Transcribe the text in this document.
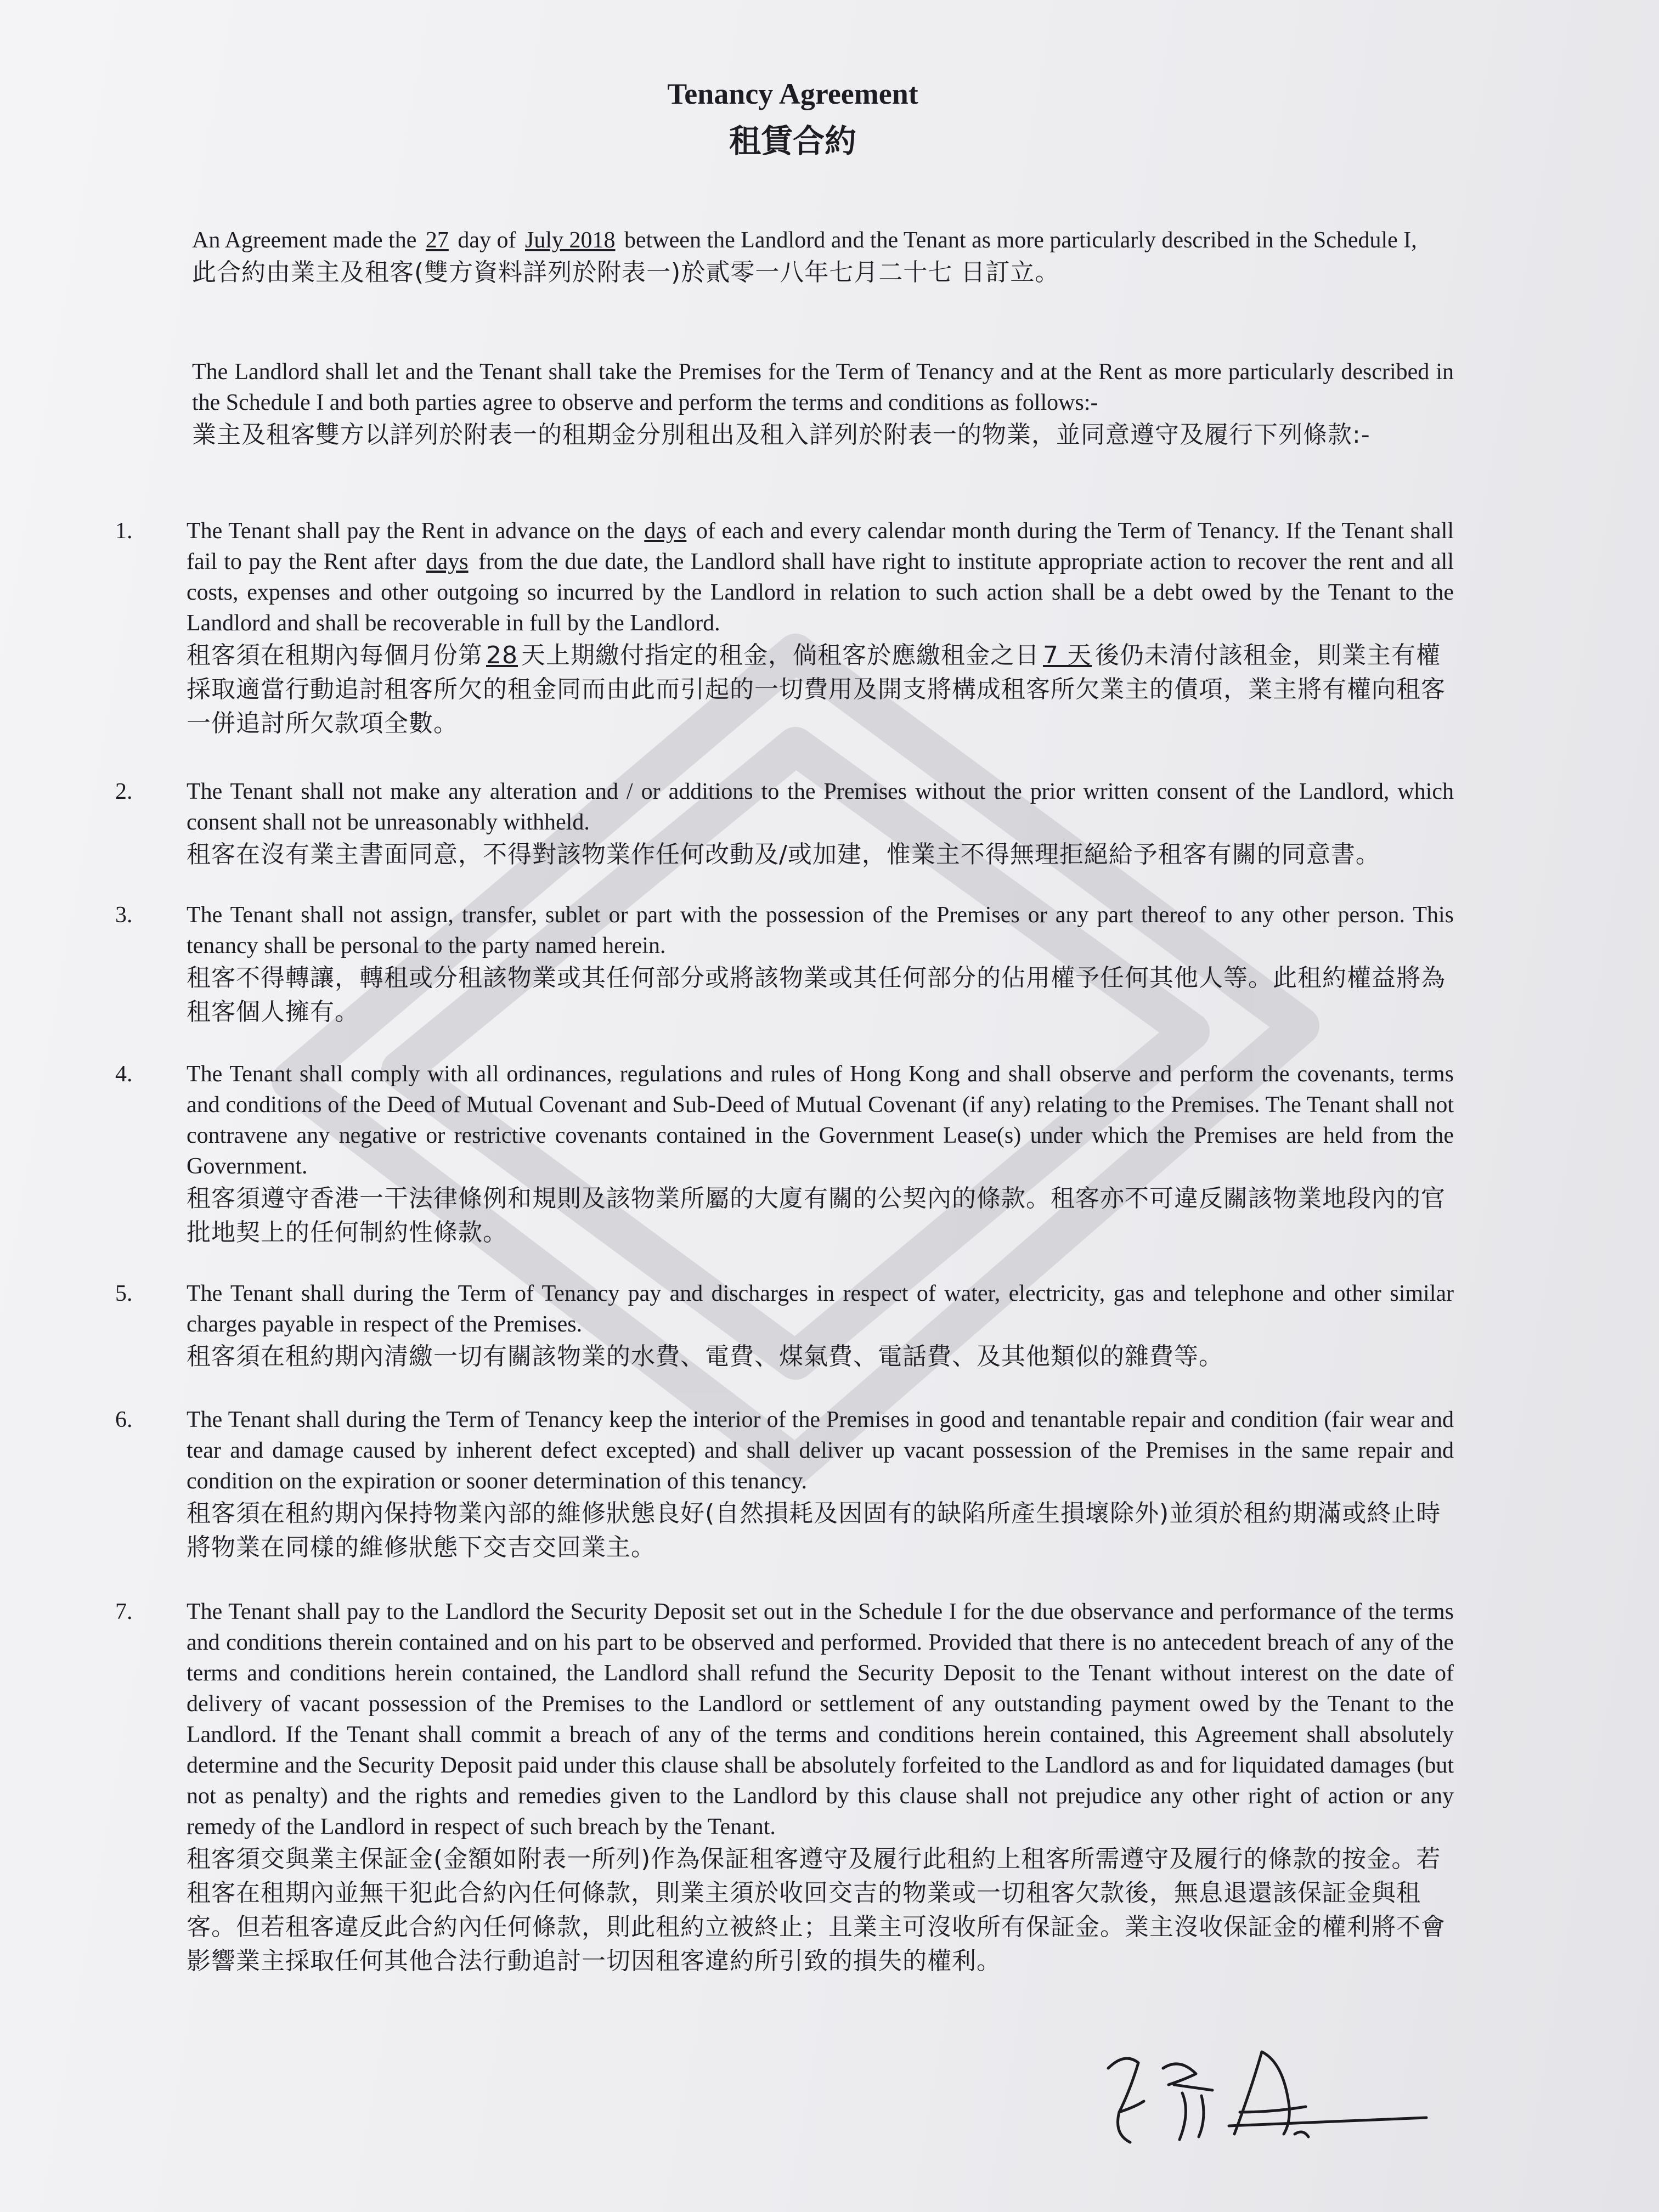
Tenancy Agreement
租賃合約
An Agreement made the 27 day of July 2018 between the Landlord and the Tenant as more particularly described in the Schedule I,
此合約由業主及租客(雙方資料詳列於附表一)於貳零一八年七月二十七 日訂立。
The Landlord shall let and the Tenant shall take the Premises for the Term of Tenancy and at the Rent as more particularly described in the Schedule I and both parties agree to observe and perform the terms and conditions as follows:-
業主及租客雙方以詳列於附表一的租期金分別租出及租入詳列於附表一的物業，並同意遵守及履行下列條款:-
1.	The Tenant shall pay the Rent in advance on the days of each and every calendar month during the Term of Tenancy. If the Tenant shall fail to pay the Rent after days from the due date, the Landlord shall have right to institute appropriate action to recover the rent and all costs, expenses and other outgoing so incurred by the Landlord in relation to such action shall be a debt owed by the Tenant to the Landlord and shall be recoverable in full by the Landlord.
租客須在租期內每個月份第 28 天上期繳付指定的租金，倘租客於應繳租金之日 7 天 後仍未清付該租金，則業主有權採取適當行動追討租客所欠的租金同而由此而引起的一切費用及開支將構成租客所欠業主的債項，業主將有權向租客一併追討所欠款項全數。
2.	The Tenant shall not make any alteration and / or additions to the Premises without the prior written consent of the Landlord, which consent shall not be unreasonably withheld.
租客在沒有業主書面同意，不得對該物業作任何改動及/或加建，惟業主不得無理拒絕給予租客有關的同意書。
3.	The Tenant shall not assign, transfer, sublet or part with the possession of the Premises or any part thereof to any other person. This tenancy shall be personal to the party named herein.
租客不得轉讓，轉租或分租該物業或其任何部分或將該物業或其任何部分的佔用權予任何其他人等。此租約權益將為租客個人擁有。
4.	The Tenant shall comply with all ordinances, regulations and rules of Hong Kong and shall observe and perform the covenants, terms and conditions of the Deed of Mutual Covenant and Sub-Deed of Mutual Covenant (if any) relating to the Premises. The Tenant shall not contravene any negative or restrictive covenants contained in the Government Lease(s) under which the Premises are held from the Government.
租客須遵守香港一干法律條例和規則及該物業所屬的大廈有關的公契內的條款。租客亦不可違反關該物業地段內的官批地契上的任何制約性條款。
5.	The Tenant shall during the Term of Tenancy pay and discharges in respect of water, electricity, gas and telephone and other similar charges payable in respect of the Premises.
租客須在租約期內清繳一切有關該物業的水費、電費、煤氣費、電話費、及其他類似的雜費等。
6.	The Tenant shall during the Term of Tenancy keep the interior of the Premises in good and tenantable repair and condition (fair wear and tear and damage caused by inherent defect excepted) and shall deliver up vacant possession of the Premises in the same repair and condition on the expiration or sooner determination of this tenancy.
租客須在租約期內保持物業內部的維修狀態良好(自然損耗及因固有的缺陷所產生損壞除外)並須於租約期滿或終止時將物業在同樣的維修狀態下交吉交回業主。
7.	The Tenant shall pay to the Landlord the Security Deposit set out in the Schedule I for the due observance and performance of the terms and conditions therein contained and on his part to be observed and performed. Provided that there is no antecedent breach of any of the terms and conditions herein contained, the Landlord shall refund the Security Deposit to the Tenant without interest on the date of delivery of vacant possession of the Premises to the Landlord or settlement of any outstanding payment owed by the Tenant to the Landlord. If the Tenant shall commit a breach of any of the terms and conditions herein contained, this Agreement shall absolutely determine and the Security Deposit paid under this clause shall be absolutely forfeited to the Landlord as and for liquidated damages (but not as penalty) and the rights and remedies given to the Landlord by this clause shall not prejudice any other right of action or any remedy of the Landlord in respect of such breach by the Tenant.
租客須交與業主保証金(金額如附表一所列)作為保証租客遵守及履行此租約上租客所需遵守及履行的條款的按金。若租客在租期內並無干犯此合約內任何條款，則業主須於收回交吉的物業或一切租客欠款後，無息退還該保証金與租客。但若租客違反此合約內任何條款，則此租約立被終止；且業主可沒收所有保証金。業主沒收保証金的權利將不會影響業主採取任何其他合法行動追討一切因租客違約所引致的損失的權利。
